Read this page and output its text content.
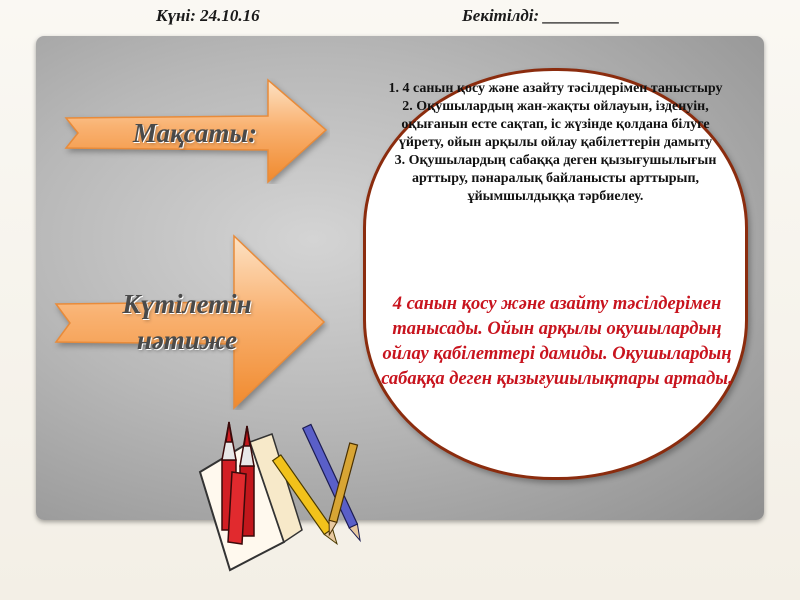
Күні: 24.10.16	Бекітілді: _________
Мақсаты:
Күтілетін
нәтиже

1. 4 санын қосу және азайту тәсілдерімен таныстыру

2. Оқушылардың жан-жақты ойлауын, ізденуін, оқығанын есте сақтап, іс жүзінде қолдана білуге үйрету, ойын арқылы ойлау қабілеттерін дамыту

3. Оқушылардың сабаққа деген қызығушылығын арттыру, пәнаралық байланысты арттырып, ұйымшылдыққа тәрбиелеу.

4 санын қосу және азайту тәсілдерімен танысады. Ойын арқылы оқушылардың ойлау қабілеттері дамиды. Оқушылардың сабаққа деген қызығушылықтары артады.
